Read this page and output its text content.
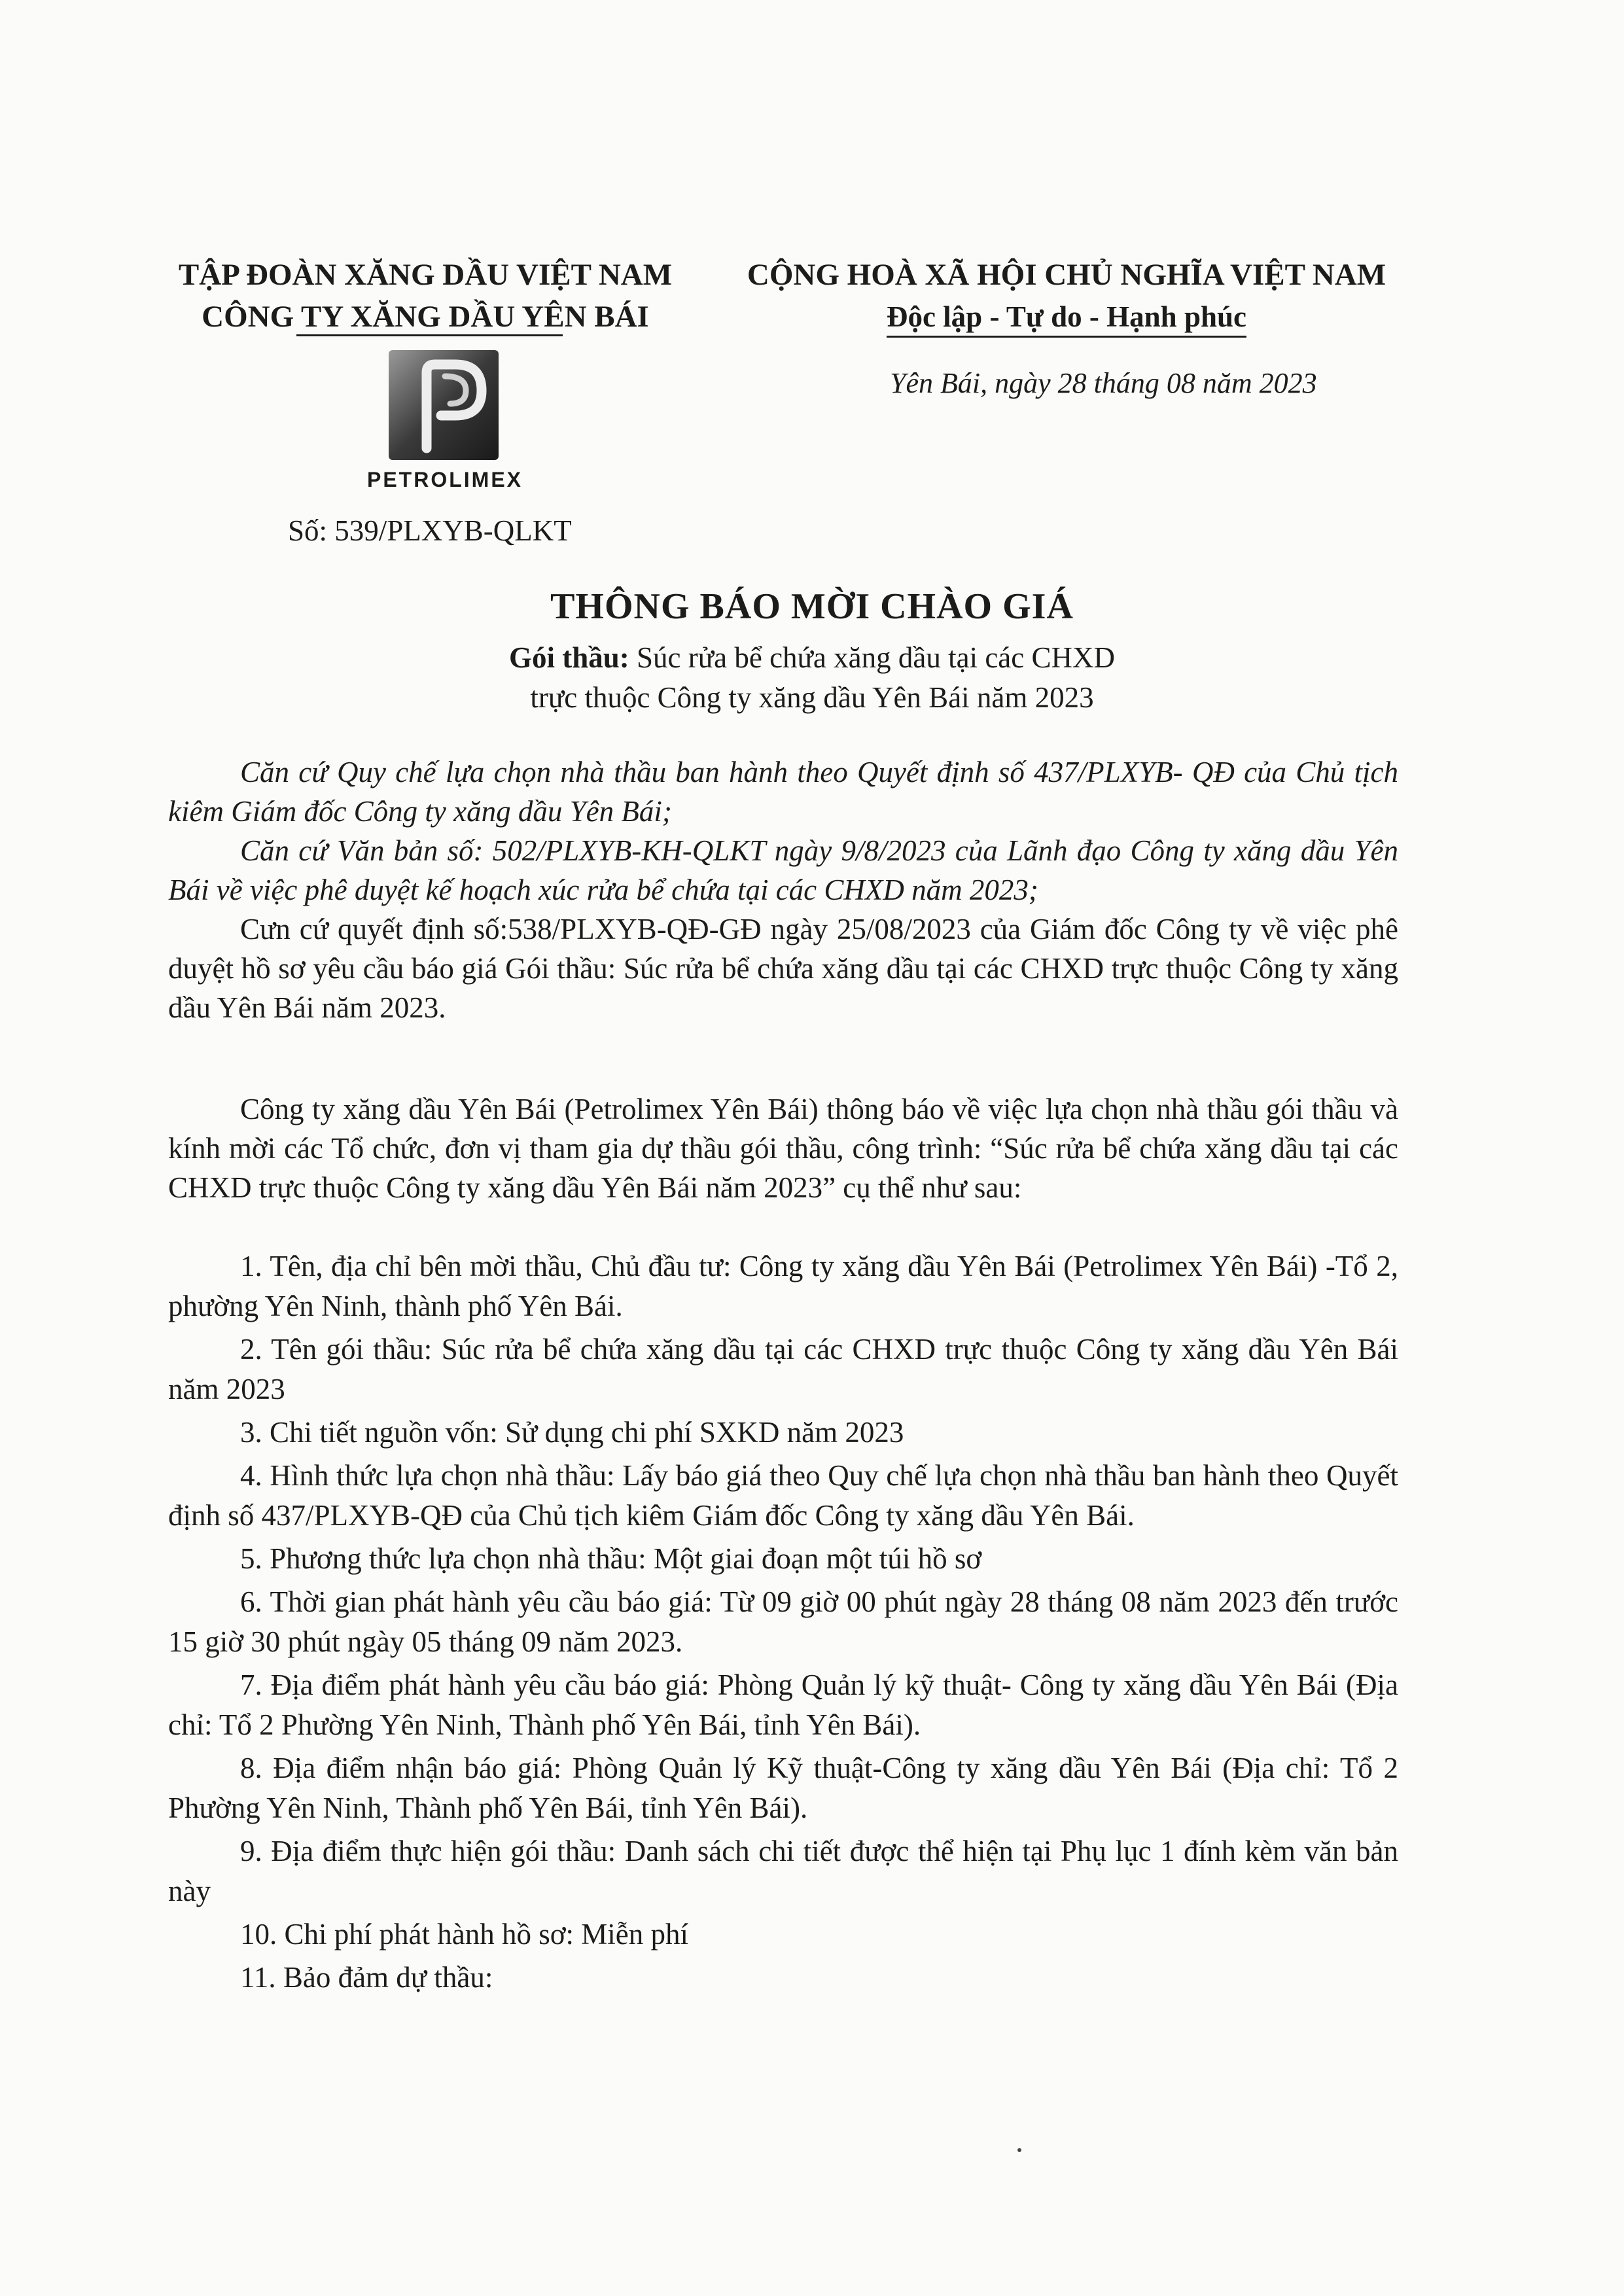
TẬP ĐOÀN XĂNG DẦU VIỆT NAM
CÔNG TY XĂNG DẦU YÊN BÁI
CỘNG HOÀ XÃ HỘI CHỦ NGHĨA VIỆT NAM
Độc lập - Tự do - Hạnh phúc
Yên Bái, ngày 28 tháng 08 năm 2023
PETROLIMEX
Số: 539/PLXYB-QLKT
THÔNG BÁO MỜI CHÀO GIÁ
Gói thầu: Súc rửa bể chứa xăng dầu tại các CHXD
trực thuộc Công ty xăng dầu Yên Bái năm 2023

Căn cứ Quy chế lựa chọn nhà thầu ban hành theo Quyết định số 437/PLXYB- QĐ của Chủ tịch kiêm Giám đốc Công ty xăng dầu Yên Bái;

Căn cứ Văn bản số: 502/PLXYB-KH-QLKT ngày 9/8/2023 của Lãnh đạo Công ty xăng dầu Yên Bái về việc phê duyệt kế hoạch xúc rửa bể chứa tại các CHXD năm 2023;

Cưn cứ quyết định số:538/PLXYB-QĐ-GĐ ngày 25/08/2023 của Giám đốc Công ty về việc phê duyệt hồ sơ yêu cầu báo giá Gói thầu: Súc rửa bể chứa xăng dầu tại các CHXD trực thuộc Công ty xăng dầu Yên Bái năm 2023.

Công ty xăng dầu Yên Bái (Petrolimex Yên Bái) thông báo về việc lựa chọn nhà thầu gói thầu và kính mời các Tổ chức, đơn vị tham gia dự thầu gói thầu, công trình: “Súc rửa bể chứa xăng dầu tại các CHXD trực thuộc Công ty xăng dầu Yên Bái năm 2023” cụ thể như sau:

1. Tên, địa chỉ bên mời thầu, Chủ đầu tư: Công ty xăng dầu Yên Bái (Petrolimex Yên Bái) -Tổ 2, phường Yên Ninh, thành phố Yên Bái.

2. Tên gói thầu: Súc rửa bể chứa xăng dầu tại các CHXD trực thuộc Công ty xăng dầu Yên Bái năm 2023

3. Chi tiết nguồn vốn: Sử dụng chi phí SXKD năm 2023

4. Hình thức lựa chọn nhà thầu: Lấy báo giá theo Quy chế lựa chọn nhà thầu ban hành theo Quyết định số 437/PLXYB-QĐ của Chủ tịch kiêm Giám đốc Công ty xăng dầu Yên Bái.

5. Phương thức lựa chọn nhà thầu: Một giai đoạn một túi hồ sơ

6. Thời gian phát hành yêu cầu báo giá: Từ 09 giờ 00 phút ngày 28 tháng 08 năm 2023 đến trước 15 giờ 30 phút ngày 05 tháng 09 năm 2023.

7. Địa điểm phát hành yêu cầu báo giá: Phòng Quản lý kỹ thuật- Công ty xăng dầu Yên Bái (Địa chỉ: Tổ 2 Phường Yên Ninh, Thành phố Yên Bái, tỉnh Yên Bái).

8. Địa điểm nhận báo giá: Phòng Quản lý Kỹ thuật-Công ty xăng dầu Yên Bái (Địa chỉ: Tổ 2 Phường Yên Ninh, Thành phố Yên Bái, tỉnh Yên Bái).

9. Địa điểm thực hiện gói thầu: Danh sách chi tiết được thể hiện tại Phụ lục 1 đính kèm văn bản này

10. Chi phí phát hành hồ sơ: Miễn phí

11. Bảo đảm dự thầu:
